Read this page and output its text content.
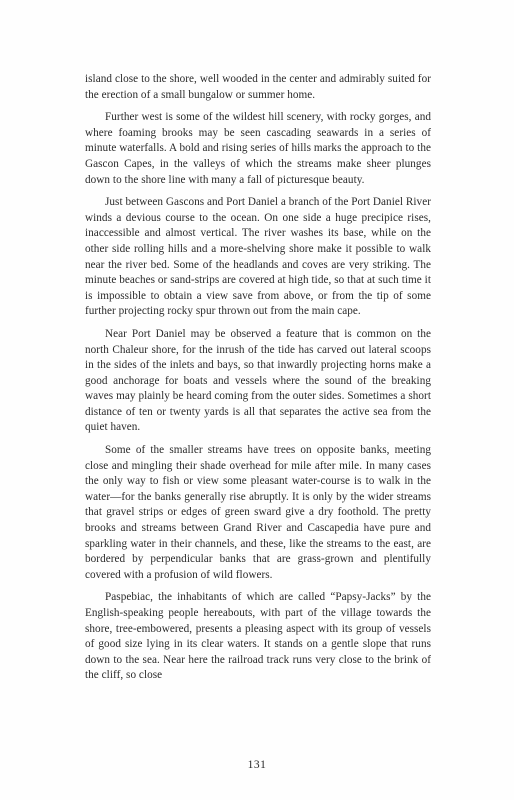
island close to the shore, well wooded in the center and admirably suited for the erection of a small bungalow or summer home.

Further west is some of the wildest hill scenery, with rocky gorges, and where foaming brooks may be seen cascading seawards in a series of minute waterfalls. A bold and rising series of hills marks the approach to the Gascon Capes, in the valleys of which the streams make sheer plunges down to the shore line with many a fall of picturesque beauty.

Just between Gascons and Port Daniel a branch of the Port Daniel River winds a devious course to the ocean. On one side a huge precipice rises, inaccessible and almost vertical. The river washes its base, while on the other side rolling hills and a more-shelving shore make it possible to walk near the river bed. Some of the headlands and coves are very striking. The minute beaches or sand-strips are covered at high tide, so that at such time it is impossible to obtain a view save from above, or from the tip of some further projecting rocky spur thrown out from the main cape.

Near Port Daniel may be observed a feature that is common on the north Chaleur shore, for the inrush of the tide has carved out lateral scoops in the sides of the inlets and bays, so that inwardly projecting horns make a good anchorage for boats and vessels where the sound of the breaking waves may plainly be heard coming from the outer sides. Sometimes a short distance of ten or twenty yards is all that separates the active sea from the quiet haven.

Some of the smaller streams have trees on opposite banks, meeting close and mingling their shade overhead for mile after mile. In many cases the only way to fish or view some pleasant water-course is to walk in the water—for the banks generally rise abruptly. It is only by the wider streams that gravel strips or edges of green sward give a dry foothold. The pretty brooks and streams between Grand River and Cascapedia have pure and sparkling water in their channels, and these, like the streams to the east, are bordered by perpendicular banks that are grass-grown and plentifully covered with a profusion of wild flowers.

Paspebiac, the inhabitants of which are called “Papsy-Jacks” by the English-speaking people hereabouts, with part of the village towards the shore, tree-embowered, presents a pleasing aspect with its group of vessels of good size lying in its clear waters. It stands on a gentle slope that runs down to the sea. Near here the railroad track runs very close to the brink of the cliff, so close

131
